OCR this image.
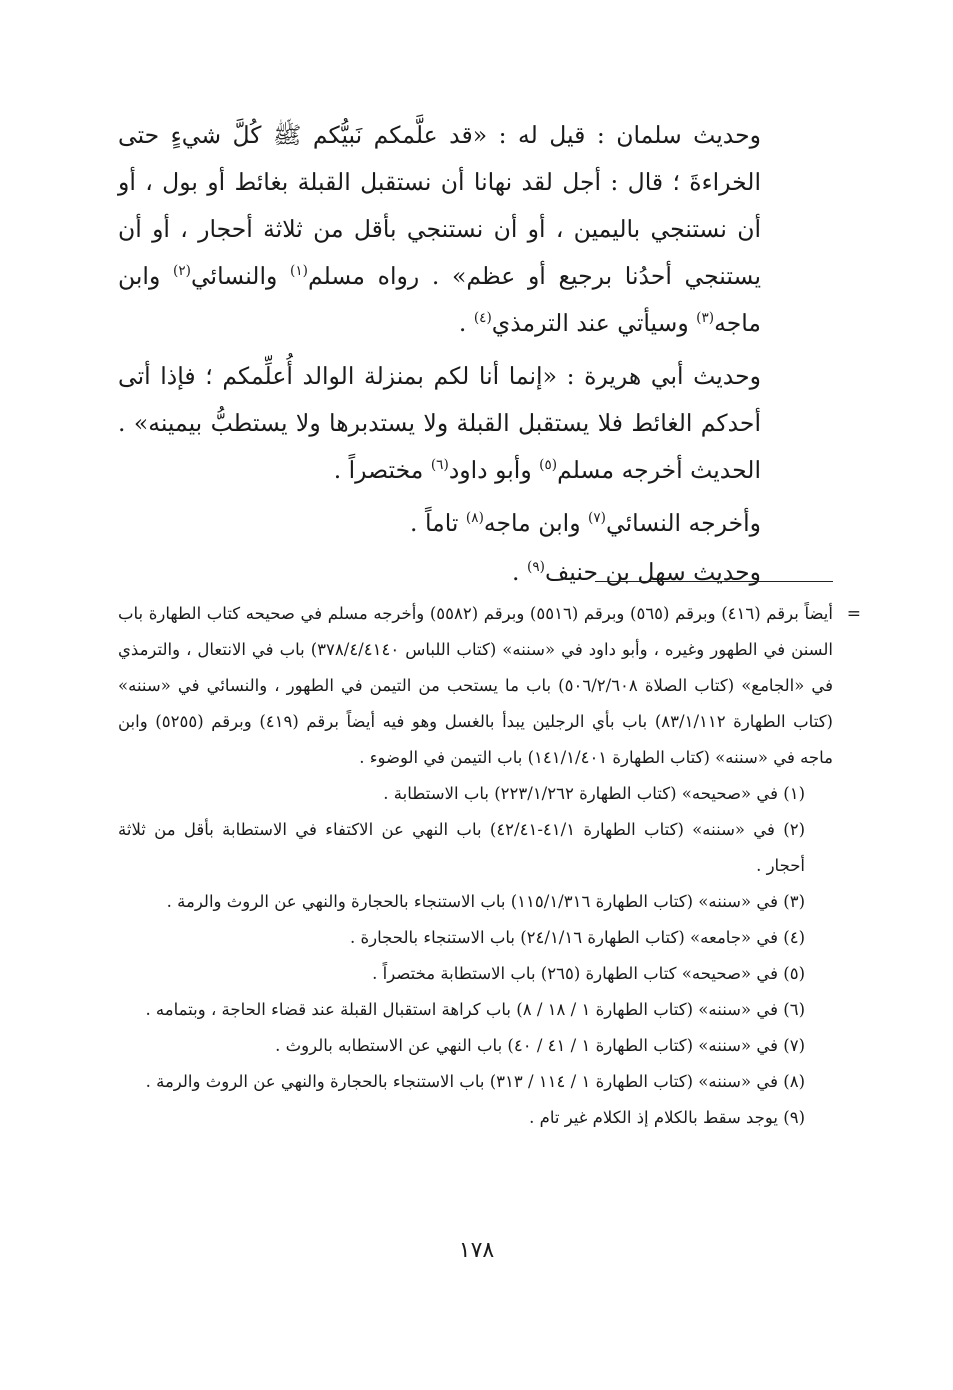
وحديث سلمان : قيل له : «قد علَّمكم نَبيُّكم ﷺ كُلَّ شيءٍ حتى الخراءةَ ؛ قال : أجل لقد نهانا أن نستقبل القبلة بغائط أو بول ، أو أن نستنجي باليمين ، أو أن نستنجي بأقل من ثلاثة أحجار ، أو أن يستنجي أحدُنا برجيع أو عظم» . رواه مسلم$^{(١)}$ والنسائي$^{(٢)}$ وابن ماجه$^{(٣)}$ وسيأتي عند الترمذي$^{(٤)}$ .

وحديث أبي هريرة : «إنما أنا لكم بمنزلة الوالد أُعلِّمكم ؛ فإذا أتى أحدكم الغائط فلا يستقبل القبلة ولا يستدبرها ولا يستطبُّ بيمينه» . الحديث أخرجه مسلم$^{(٥)}$ وأبو داود$^{(٦)}$ مختصراً .

وأخرجه النسائي$^{(٧)}$ وابن ماجه$^{(٨)}$ تاماً .

وحديث سهل بن حنيف$^{(٩)}$ .

=
أيضاً برقم (٤١٦) وبرقم (٥٦٥) وبرقم (٥٥١٦) وبرقم (٥٥٨٢) وأخرجه مسلم في صحيحه كتاب الطهارة باب السنن في الطهور وغيره ، وأبو داود في «سننه» (كتاب اللباس ٣٧٨/٤/٤١٤٠) باب في الانتعال ، والترمذي في «الجامع» (كتاب الصلاة ٥٠٦/٢/٦٠٨) باب ما يستحب من التيمن في الطهور ، والنسائي في «سننه» (كتاب الطهارة ٨٣/١/١١٢) باب بأي الرجلين يبدأ بالغسل وهو فيه أيضاً برقم (٤١٩) وبرقم (٥٢٥٥) وابن ماجه في «سننه» (كتاب الطهارة ١٤١/١/٤٠١) باب التيمن في الوضوء .

(١) في «صحيحه» (كتاب الطهارة ٢٢٣/١/٢٦٢) باب الاستطابة .

(٢) في «سننه» (كتاب الطهارة ٤١/١-٤٢/٤١) باب النهي عن الاكتفاء في الاستطابة بأقل من ثلاثة أحجار .

(٣) في «سننه» (كتاب الطهارة ١١٥/١/٣١٦) باب الاستنجاء بالحجارة والنهي عن الروث والرمة .

(٤) في «جامعه» (كتاب الطهارة ٢٤/١/١٦) باب الاستنجاء بالحجارة .

(٥) في «صحيحه» كتاب الطهارة (٢٦٥) باب الاستطابة مختصراً .

(٦) في «سننه» (كتاب الطهارة ١ / ١٨ / ٨) باب كراهة استقبال القبلة عند قضاء الحاجة ، وبتمامه .

(٧) في «سننه» (كتاب الطهارة ١ / ٤١ / ٤٠) باب النهي عن الاستطابه بالروث .

(٨) في «سننه» (كتاب الطهارة ١ / ١١٤ / ٣١٣) باب الاستنجاء بالحجارة والنهي عن الروث والرمة .

(٩) يوجد سقط بالكلام إذ الكلام غير تام .

١٧٨
